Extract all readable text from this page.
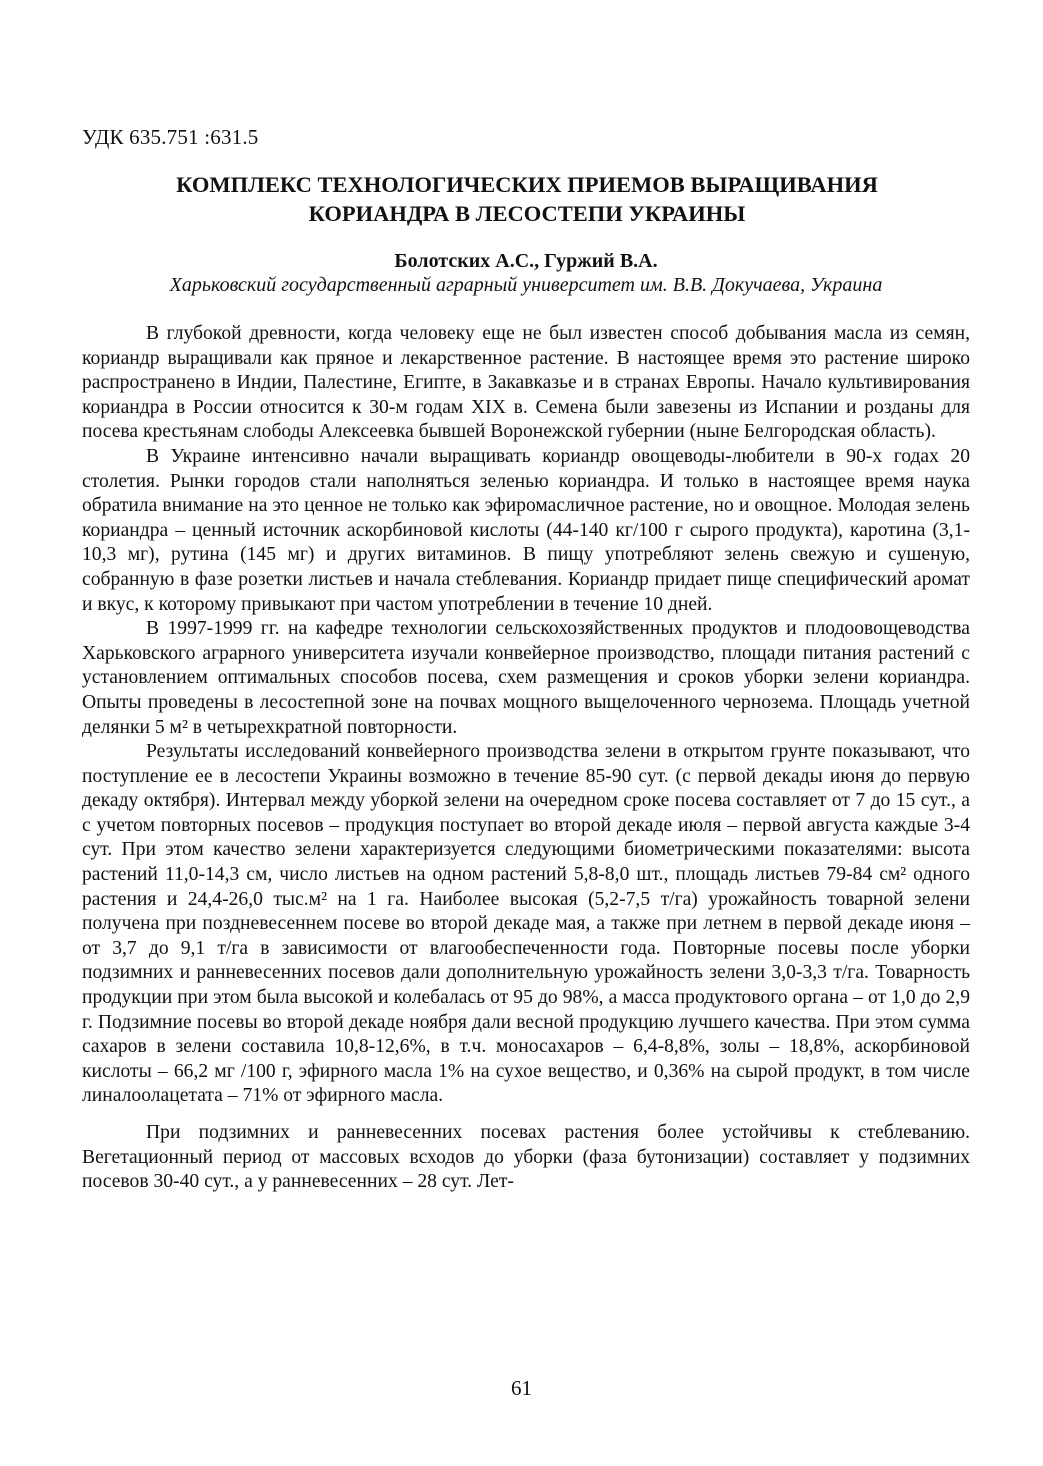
УДК 635.751 :631.5
КОМПЛЕКС ТЕХНОЛОГИЧЕСКИХ ПРИЕМОВ ВЫРАЩИВАНИЯ
КОРИАНДРА В ЛЕСОСТЕПИ УКРАИНЫ
Болотских А.С., Гуржий В.А.
Харьковский государственный аграрный университет им. В.В. Докучаева, Украина

В глубокой древности, когда человеку еще не был известен способ добывания масла из семян, кориандр выращивали как пряное и лекарственное растение. В настоящее время это растение широко распространено в Индии, Палестине, Египте, в Закавказье и в странах Европы. Начало культивирования кориандра в России относится к 30-м годам XIX в. Семена были завезены из Испании и розданы для посева крестьянам слободы Алексеевка бывшей Воронежской губернии (ныне Белгородская область).

В Украине интенсивно начали выращивать кориандр овощеводы-любители в 90-х годах 20 столетия. Рынки городов стали наполняться зеленью кориандра. И только в настоящее время наука обратила внимание на это ценное не только как эфиромасличное растение, но и овощное. Молодая зелень кориандра – ценный источник аскорбиновой кислоты (44-140 кг/100 г сырого продукта), каротина (3,1-10,3 мг), рутина (145 мг) и других витаминов. В пищу употребляют зелень свежую и сушеную, собранную в фазе розетки листьев и начала стеблевания. Кориандр придает пище специфический аромат и вкус, к которому привыкают при частом употреблении в течение 10 дней.

В 1997-1999 гг. на кафедре технологии сельскохозяйственных продуктов и плодоовощеводства Харьковского аграрного университета изучали конвейерное производство, площади питания растений с установлением оптимальных способов посева, схем размещения и сроков уборки зелени кориандра. Опыты проведены в лесостепной зоне на почвах мощного выщелоченного чернозема. Площадь учетной делянки 5 м² в четырехкратной повторности.

Результаты исследований конвейерного производства зелени в открытом грунте показывают, что поступление ее в лесостепи Украины возможно в течение 85-90 сут. (с первой декады июня до первую декаду октября). Интервал между уборкой зелени на очередном сроке посева составляет от 7 до 15 сут., а с учетом повторных посевов – продукция поступает во второй декаде июля – первой августа каждые 3-4 сут. При этом качество зелени характеризуется следующими биометрическими показателями: высота растений 11,0-14,3 см, число листьев на одном растений 5,8-8,0 шт., площадь листьев 79-84 см² одного растения и 24,4-26,0 тыс.м² на 1 га. Наиболее высокая (5,2-7,5 т/га) урожайность товарной зелени получена при поздневесеннем посеве во второй декаде мая, а также при летнем в первой декаде июня – от 3,7 до 9,1 т/га в зависимости от влагообеспеченности года. Повторные посевы после уборки подзимних и ранневесенних посевов дали дополнительную урожайность зелени 3,0-3,3 т/га. Товарность продукции при этом была высокой и колебалась от 95 до 98%, а масса продуктового органа – от 1,0 до 2,9 г. Подзимние посевы во второй декаде ноября дали весной продукцию лучшего качества. При этом сумма сахаров в зелени составила 10,8-12,6%, в т.ч. моносахаров – 6,4-8,8%, золы – 18,8%, аскорбиновой кислоты – 66,2 мг /100 г, эфирного масла 1% на сухое вещество, и 0,36% на сырой продукт, в том числе линалоолацетата – 71% от эфирного масла.

При подзимних и ранневесенних посевах растения более устойчивы к стеблеванию. Вегетационный период от массовых всходов до уборки (фаза бутонизации) составляет у подзимних посевов 30-40 сут., а у ранневесенних – 28 сут. Лет-

61
